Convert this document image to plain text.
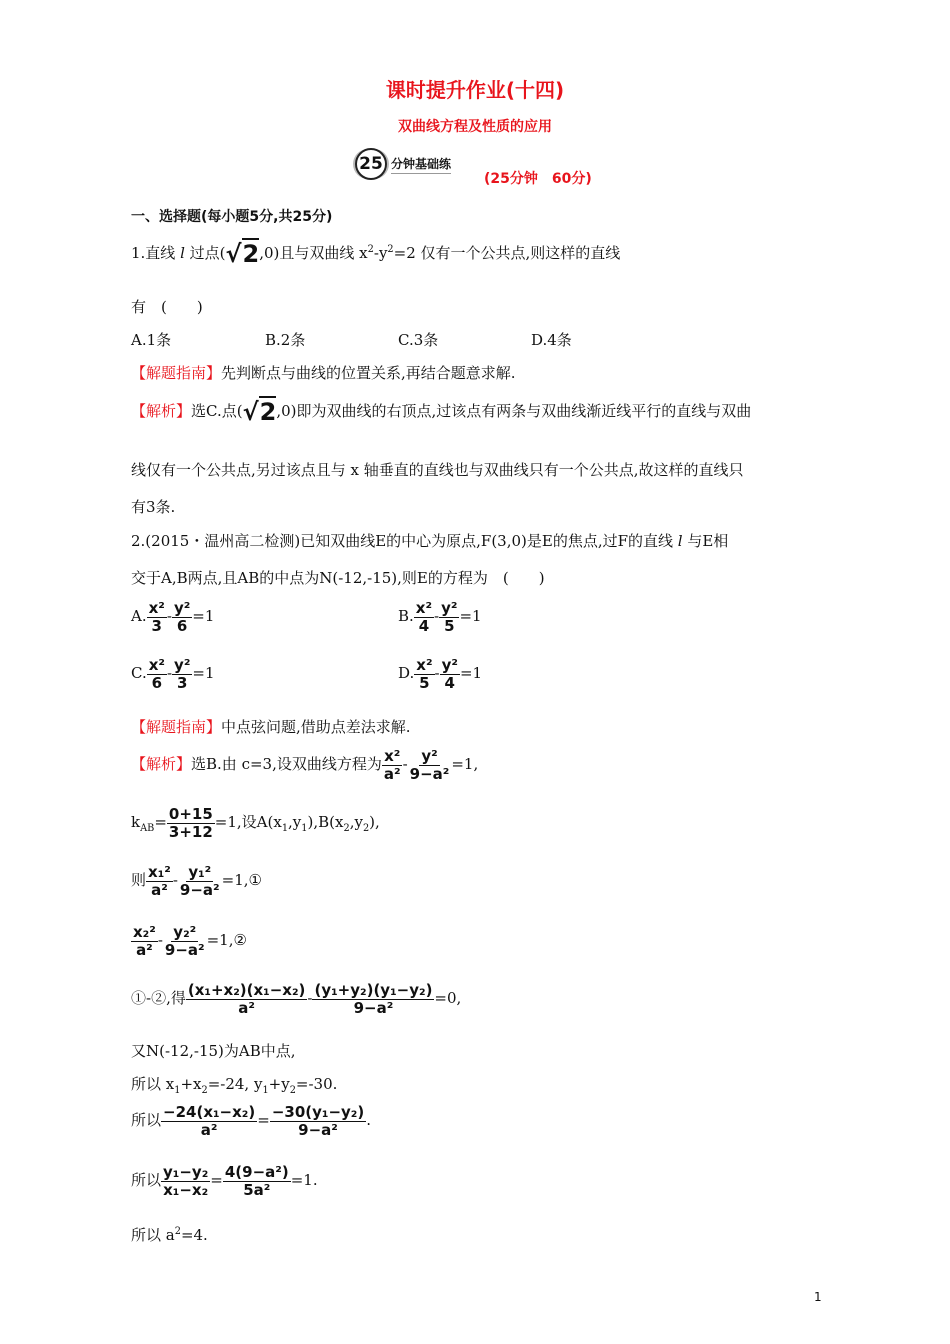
课时提升作业(十四)
双曲线方程及性质的应用
25 分钟基础练
(25分钟　60分)
一、选择题(每小题5分,共25分)
1.直线 l 过点(√2,0)且与双曲线 $x^2-y^2=2$ 仅有一个公共点,则这样的直线
有　(　　)
A.1条	B.2条	C.3条	D.4条
【解题指南】先判断点与曲线的位置关系,再结合题意求解.
【解析】选C.点(√2,0)即为双曲线的右顶点,过该点有两条与双曲线渐近线平行的直线与双曲
线仅有一个公共点,另过该点且与 x 轴垂直的直线也与双曲线只有一个公共点,故这样的直线只
有3条.
2.(2015・温州高二检测)已知双曲线E的中心为原点,F(3,0)是E的焦点,过F的直线 l 与E相
交于A,B两点,且AB的中点为N(-12,-15),则E的方程为　(　　)
A. $\frac{\text{x²}}{3} - \frac{\text{y²}}{6} =1$	B. $\frac{\text{x²}}{4} - \frac{\text{y²}}{5} =1$
C. $\frac{\text{x²}}{6} - \frac{\text{y²}}{3} =1$	D. $\frac{\text{x²}}{5} - \frac{\text{y²}}{4} =1$
【解题指南】中点弦问题,借助点差法求解.
【解析】选B.由 c=3,设双曲线方程为 $\frac{\text{x²}}{\text{a²}} - \frac{\text{y²}}{\text{9−a²}} =1$,
$k_{AB}= \frac{0+15}{3+12} =1$,设$A(x_1,y_1),B(x_2,y_2)$,
则 $\frac{\text{x₁²}}{\text{a²}} - \frac{\text{y₁²}}{\text{9−a²}}$ =1,①
$\frac{\text{x₂²}}{\text{a²}} - \frac{\text{y₂²}}{\text{9−a²}}$ =1,②
①-②,得 $\frac{\text{(x₁+x₂)(x₁−x₂)}}{\text{a²}} - \frac{\text{(y₁+y₂)(y₁−y₂)}}{\text{9−a²}} =0$,
又N(-12,-15)为AB中点,
所以 $x_1+x_2=-24$, $y_1+y_2=-30$.
所以 $\frac{\text{−24(x₁−x₂)}}{\text{a²}} = \frac{\text{−30(y₁−y₂)}}{\text{9−a²}}$ .
所以 $\frac{\text{y₁−y₂}}{\text{x₁−x₂}} = \frac{\text{4(9−a²)}}{\text{5a²}} =1$.
所以 $a^2=4$.
1
